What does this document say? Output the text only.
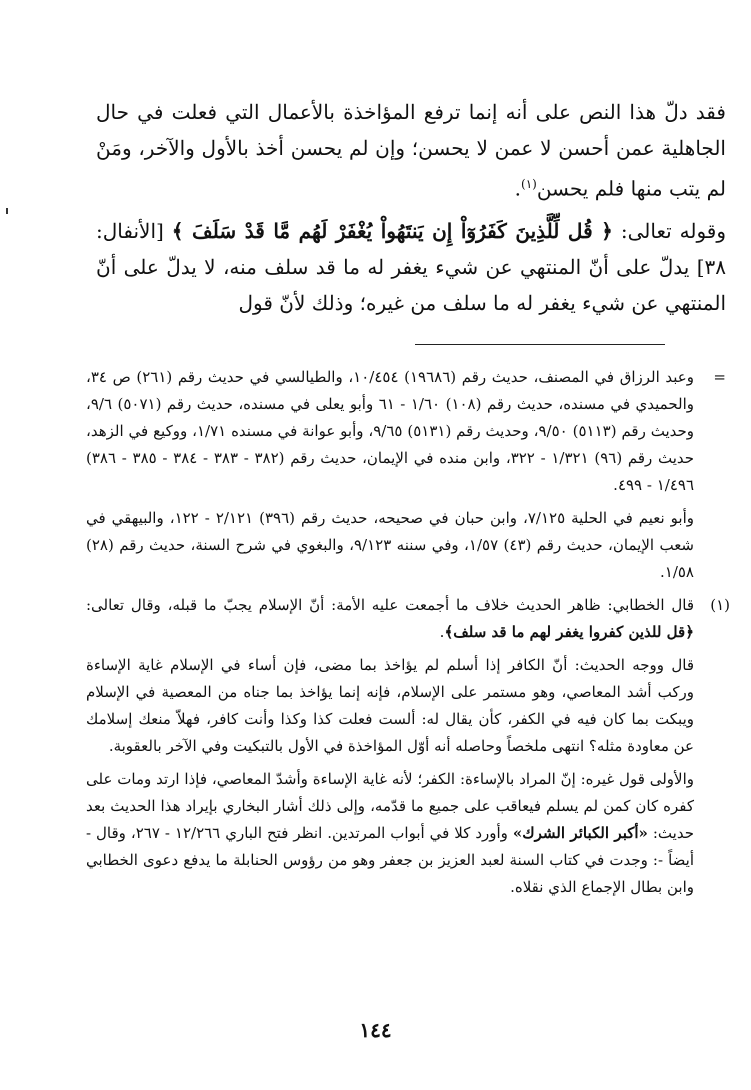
فقد دلّ هذا النص على أنه إنما ترفع المؤاخذة بالأعمال التي فعلت في حال الجاهلية عمن أحسن لا عمن لا يحسن؛ وإن لم يحسن أخذ بالأول والآخر، ومَنْ لم يتب منها فلم يحسن$^{(١)}$.

وقوله تعالى: ﴿ قُل لِّلَّذِينَ كَفَرُوٓاْ إِن يَنتَهُواْ يُغْفَرْ لَهُم مَّا قَدْ سَلَفَ ﴾ [الأنفال: ٣٨] يدلّ على أنّ المنتهي عن شيء يغفر له ما قد سلف منه، لا يدلّ على أنّ المنتهي عن شيء يغفر له ما سلف من غيره؛ وذلك لأنّ قول

=
وعبد الرزاق في المصنف، حديث رقم (١٩٦٨٦) ١٠/٤٥٤، والطيالسي في حديث رقم (٢٦١) ص ٣٤، والحميدي في مسنده، حديث رقم (١٠٨) ١/٦٠ - ٦١ وأبو يعلى في مسنده، حديث رقم (٥٠٧١) ٩/٦، وحديث رقم (٥١١٣) ٩/٥٠، وحديث رقم (٥١٣١) ٩/٦٥، وأبو عوانة في مسنده ١/٧١، ووكيع في الزهد، حديث رقم (٩٦) ١/٣٢١ - ٣٢٢، وابن منده في الإيمان، حديث رقم (٣٨٢ - ٣٨٣ - ٣٨٤ - ٣٨٥ - ٣٨٦) ١/٤٩٦ - ٤٩٩.

وأبو نعيم في الحلية ٧/١٢٥، وابن حبان في صحيحه، حديث رقم (٣٩٦) ٢/١٢١ - ١٢٢، والبيهقي في شعب الإيمان، حديث رقم (٤٣) ١/٥٧، وفي سننه ٩/١٢٣، والبغوي في شرح السنة، حديث رقم (٢٨) ١/٥٨.

(١)
قال الخطابي: ظاهر الحديث خلاف ما أجمعت عليه الأمة: أنّ الإسلام يجبّ ما قبله، وقال تعالى: ﴿قل للذين كفروا يغفر لهم ما قد سلف﴾.

قال ووجه الحديث: أنّ الكافر إذا أسلم لم يؤاخذ بما مضى، فإن أساء في الإسلام غاية الإساءة وركب أشد المعاصي، وهو مستمر على الإسلام، فإنه إنما يؤاخذ بما جناه من المعصية في الإسلام ويبكت بما كان فيه في الكفر، كأن يقال له: ألست فعلت كذا وكذا وأنت كافر، فهلاّ منعك إسلامك عن معاودة مثله؟ انتهى ملخصاً وحاصله أنه أوّل المؤاخذة في الأول بالتبكيت وفي الآخر بالعقوبة.

والأولى قول غيره: إنّ المراد بالإساءة: الكفر؛ لأنه غاية الإساءة وأشدّ المعاصي، فإذا ارتد ومات على كفره كان كمن لم يسلم فيعاقب على جميع ما قدّمه، وإلى ذلك أشار البخاري بإيراد هذا الحديث بعد حديث: «أكبر الكبائر الشرك» وأورد كلا في أبواب المرتدين. انظر فتح الباري ١٢/٢٦٦ - ٢٦٧، وقال - أيضاً -: وجدت في كتاب السنة لعبد العزيز بن جعفر وهو من رؤوس الحنابلة ما يدفع دعوى الخطابي وابن بطال الإجماع الذي نقلاه.

١٤٤
